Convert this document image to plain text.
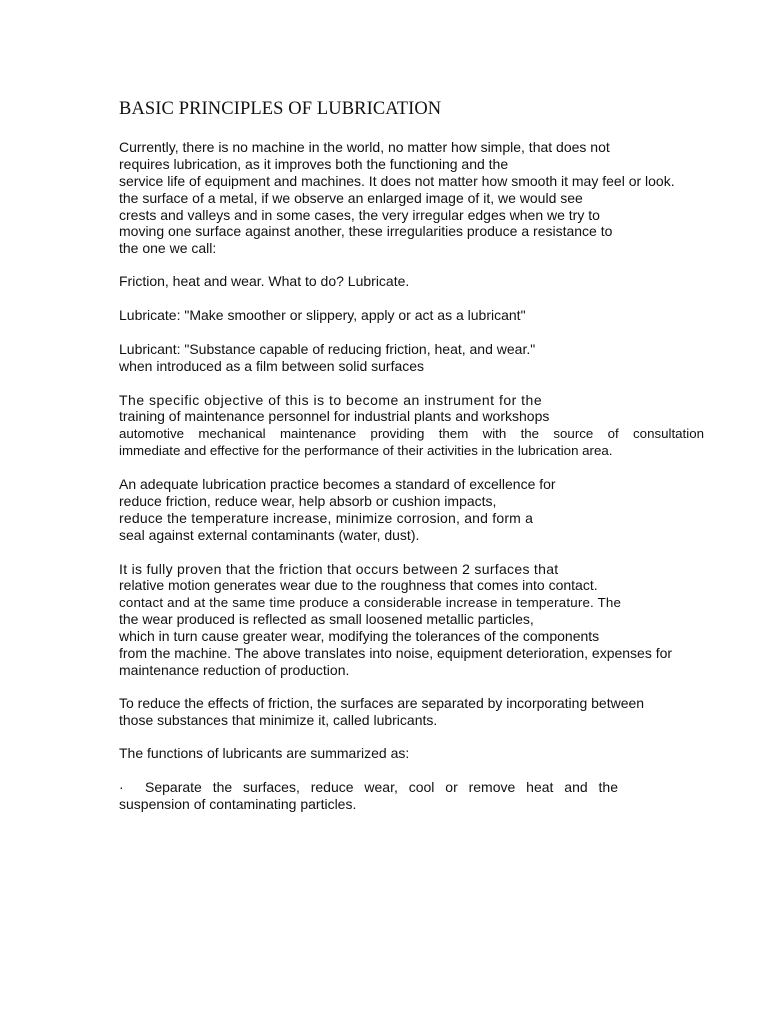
BASIC PRINCIPLES OF LUBRICATION
Currently, there is no machine in the world, no matter how simple, that does not
requires lubrication, as it improves both the functioning and the
service life of equipment and machines. It does not matter how smooth it may feel or look.
the surface of a metal, if we observe an enlarged image of it, we would see
crests and valleys and in some cases, the very irregular edges when we try to
moving one surface against another, these irregularities produce a resistance to
the one we call:
Friction, heat and wear. What to do? Lubricate.
Lubricate: "Make smoother or slippery, apply or act as a lubricant"
Lubricant: "Substance capable of reducing friction, heat, and wear."
when introduced as a film between solid surfaces
The specific objective of this is to become an instrument for the
training of maintenance personnel for industrial plants and workshops
automotive mechanical maintenance providing them with the source of consultation
immediate and effective for the performance of their activities in the lubrication area.
An adequate lubrication practice becomes a standard of excellence for
reduce friction, reduce wear, help absorb or cushion impacts,
reduce the temperature increase, minimize corrosion, and form a
seal against external contaminants (water, dust).
It is fully proven that the friction that occurs between 2 surfaces that
relative motion generates wear due to the roughness that comes into contact.
contact and at the same time produce a considerable increase in temperature. The
the wear produced is reflected as small loosened metallic particles,
which in turn cause greater wear, modifying the tolerances of the components
from the machine. The above translates into noise, equipment deterioration, expenses for
maintenance reduction of production.
To reduce the effects of friction, the surfaces are separated by incorporating between
those substances that minimize it, called lubricants.
The functions of lubricants are summarized as:
·	Separate the surfaces, reduce wear, cool or remove heat and the
suspension of contaminating particles.
